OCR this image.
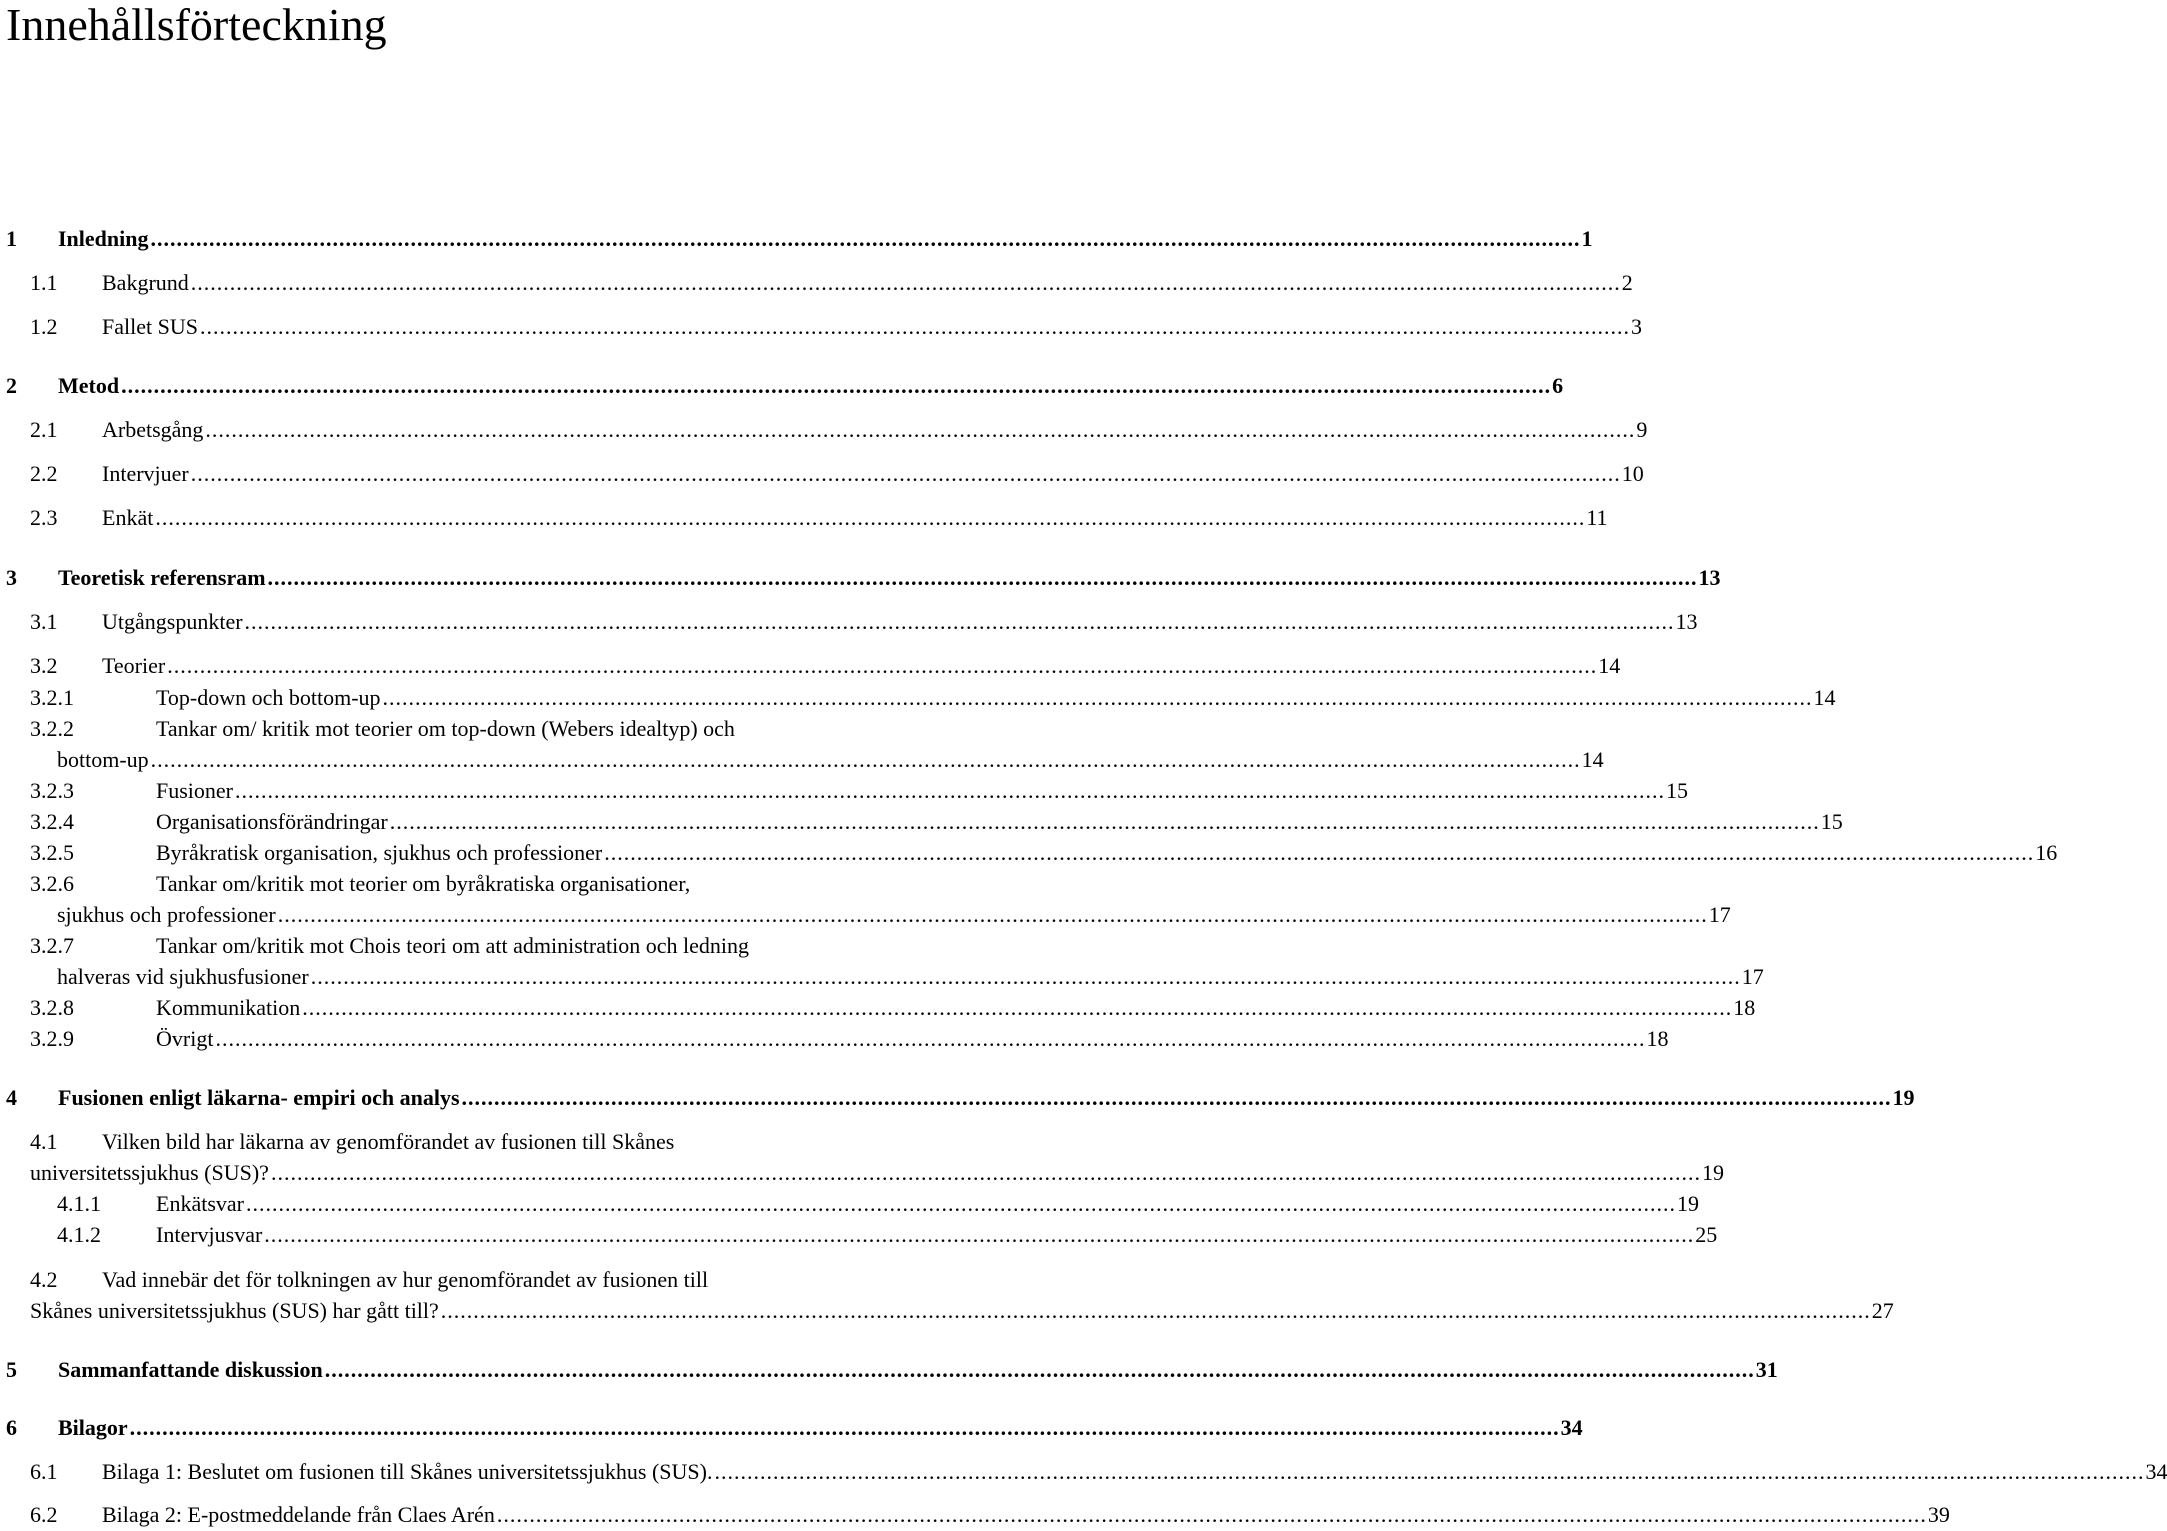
Innehållsförteckning
1	Inledning .....	1
1.1	Bakgrund .....	2
1.2	Fallet SUS .....	3
2	Metod .....	6
2.1	Arbetsgång .....	9
2.2	Intervjuer .....	10
2.3	Enkät .....	11
3	Teoretisk referensram .....	13
3.1	Utgångspunkter .....	13
3.2	Teorier .....	14
3.2.1	Top-down och bottom-up .....	14
3.2.2	Tankar om/ kritik mot teorier om top-down (Webers idealtyp) och
bottom-up .....	14
3.2.3	Fusioner .....	15
3.2.4	Organisationsförändringar .....	15
3.2.5	Byråkratisk organisation, sjukhus och professioner .....	16
3.2.6	Tankar om/kritik mot teorier om byråkratiska organisationer,
sjukhus och professioner .....	17
3.2.7	Tankar om/kritik mot Chois teori om att administration och ledning
halveras vid sjukhusfusioner .....	17
3.2.8	Kommunikation .....	18
3.2.9	Övrigt .....	18
4	Fusionen enligt läkarna- empiri och analys .....	19
4.1 Vilken bild har läkarna av genomförandet av fusionen till Skånes
universitetssjukhus (SUS)? .....	19
4.1.1	Enkätsvar .....	19
4.1.2	Intervjusvar .....	25
4.2 Vad innebär det för tolkningen av hur genomförandet av fusionen till
Skånes universitetssjukhus (SUS) har gått till? .....	27
5	Sammanfattande diskussion .....	31
6	Bilagor .....	34
6.1	Bilaga 1: Beslutet om fusionen till Skånes universitetssjukhus (SUS). .....	34
6.2	Bilaga 2: E-postmeddelande från Claes Arén .....	39
